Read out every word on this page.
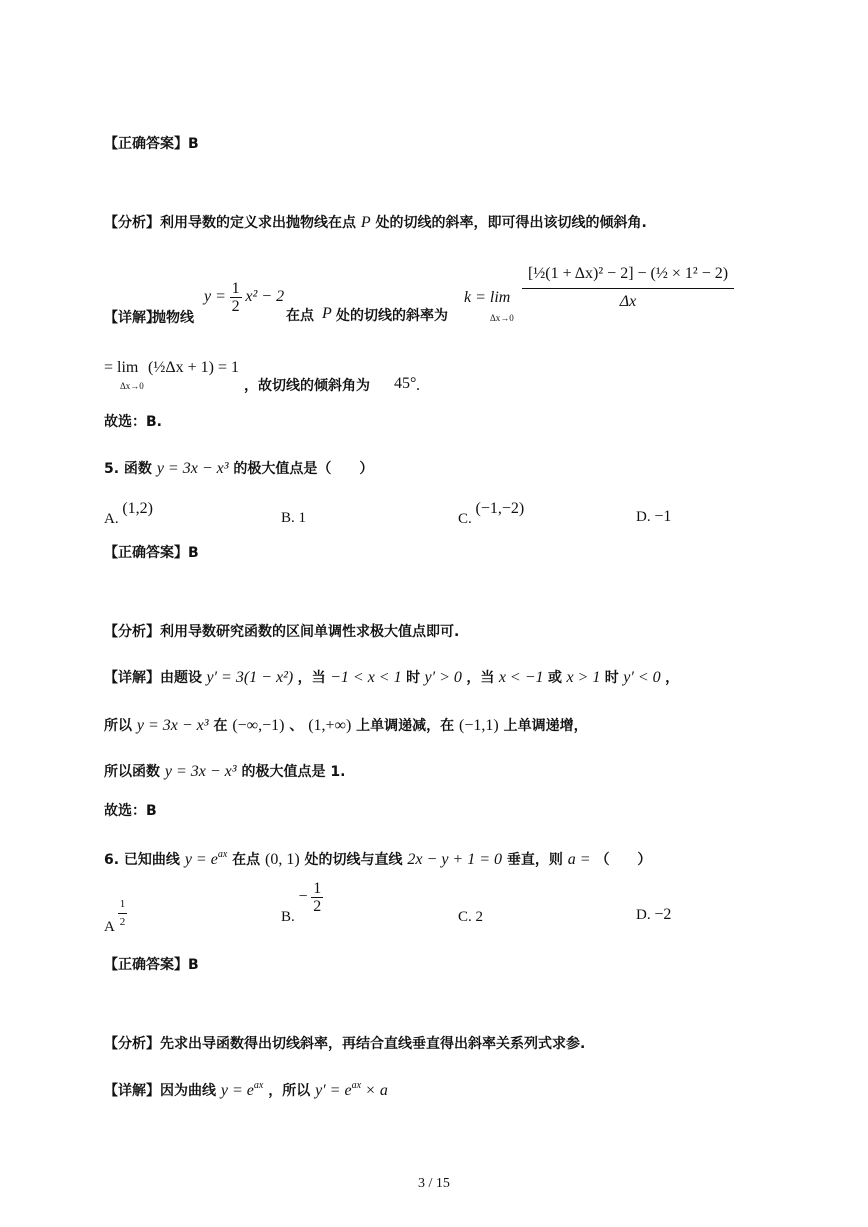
【正确答案】B
【分析】利用导数的定义求出抛物线在点 P 处的切线的斜率，即可得出该切线的倾斜角.
【详解】
抛物线
$y = \frac{1}{2} x^2 - 2$
在点 P 处的切线的斜率为
k = lim
Δx→0
$\frac{\text{[½(1 + Δx)² − 2] − (½ × 1² − 2)}}{\Delta x}$
= lim
Δx→0
(½Δx + 1) = 1
，故切线的倾斜角为 45° .
故选：B.
5. 函数 y = 3x − x³ 的极大值点是（　　）
A. (1,2)
B. 1	C. (−1,−2)	D. −1
【正确答案】B
【分析】利用导数研究函数的区间单调性求极大值点即可.
【详解】由题设 y′ = 3(1 − x²) ，当 −1 < x < 1 时 y′ > 0 ，当 x < −1 或 x > 1 时 y′ < 0 ，
所以 y = 3x − x³ 在 (−∞,−1) 、 (1,+∞) 上单调递减，在 (−1,1) 上单调递增，
所以函数 y = 3x − x³ 的极大值点是 1.
故选：B
6. 已知曲线 $y = e^{ax}$ 在点 (0, 1) 处的切线与直线 2x − y + 1 = 0 垂直，则 a = （　　）
A $\frac{1}{2}$	B. − $\frac{1}{2}$
C. 2	D. −2
【正确答案】B
【分析】先求出导函数得出切线斜率，再结合直线垂直得出斜率关系列式求参.
【详解】因为曲线 $y = e^{ax}$ ，所以 $y' = e^{ax} \times a$
3 / 15
